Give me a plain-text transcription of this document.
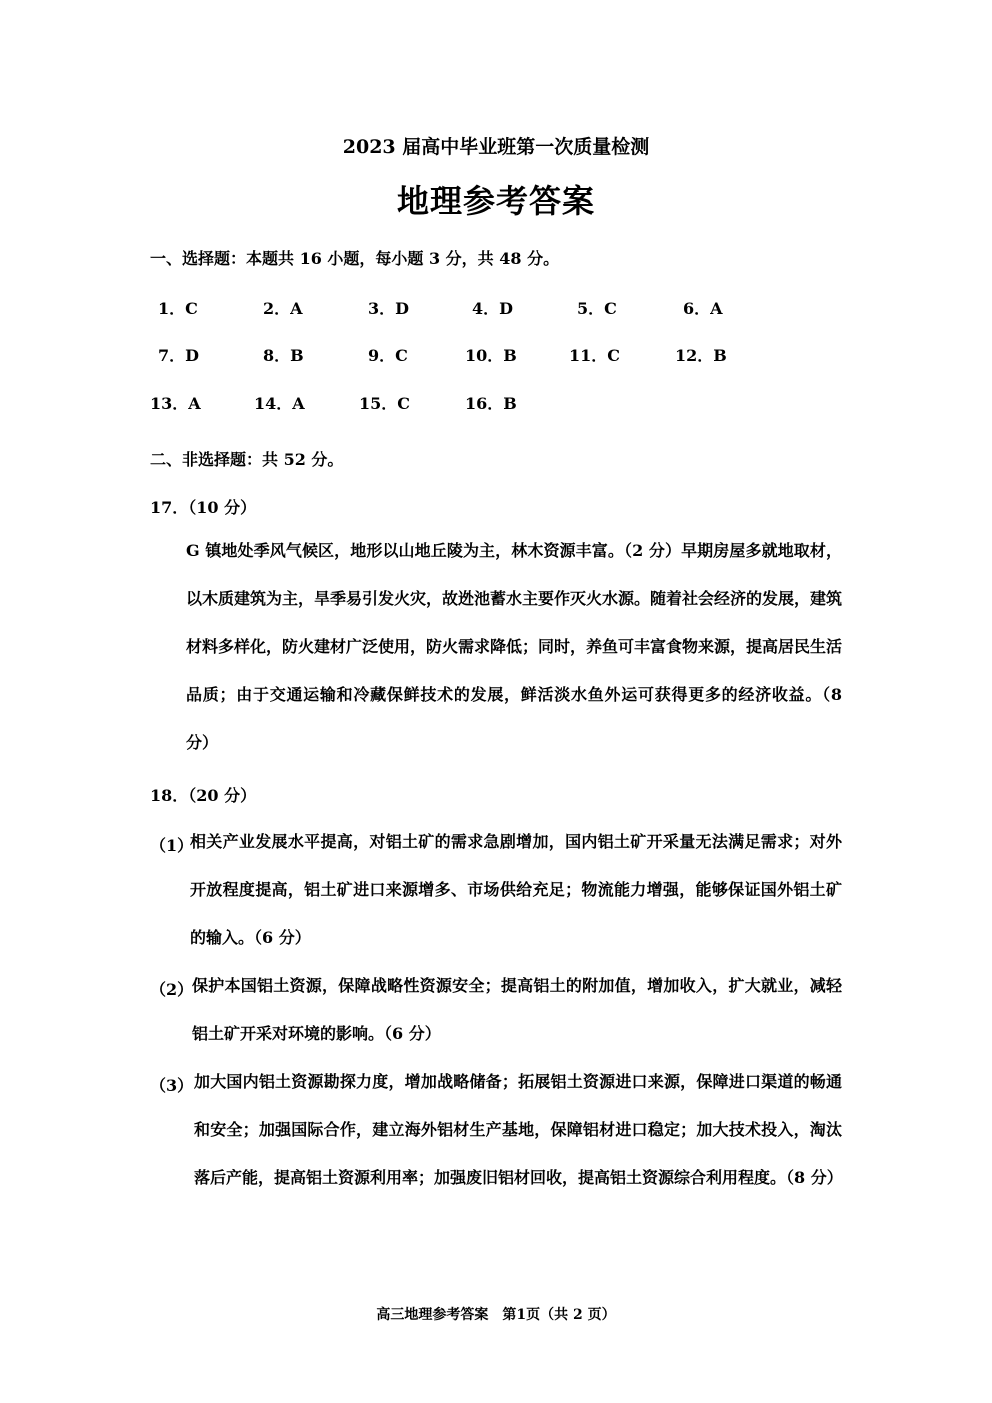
2023 届高中毕业班第一次质量检测
地理参考答案
一、选择题：本题共 16 小题，每小题 3 分，共 48 分。
1．C	2．A	3．D	4．D	5．C	6．A
7．D	8．B	9．C	10．B	11．C	12．B
13．A	14．A	15．C	16．B
二、非选择题：共 52 分。
17．（10 分）
G 镇地处季风气候区，地形以山地丘陵为主，林木资源丰富。（2 分）早期房屋多就地取材，以木质建筑为主，旱季易引发火灾，故迯池蓄水主要作灭火水源。随着社会经济的发展，建筑材料多样化，防火建材广泛使用，防火需求降低；同时，养鱼可丰富食物来源，提高居民生活品质；由于交通运输和冷藏保鲜技术的发展，鲜活淡水鱼外运可获得更多的经济收益。（8 分）
18．（20 分）
（1）
相关产业发展水平提高，对铝土矿的需求急剧增加，国内铝土矿开采量无法满足需求；对外开放程度提高，铝土矿进口来源增多、市场供给充足；物流能力增强，能够保证国外铝土矿的输入。（6 分）
（2）
保护本国铝土资源，保障战略性资源安全；提高铝土的附加值，增加收入，扩大就业，减轻铝土矿开采对环境的影响。（6 分）
（3） 加大国内铝土资源勘探力度，增加战略储备；拓展铝土资源进口来源，保障进口渠道的畅通和安全；加强国际合作，建立海外铝材生产基地，保障铝材进口稳定；加大技术投入，淘汰落后产能，提高铝土资源利用率；加强废旧铝材回收，提高铝土资源综合利用程度。（8 分）
高三地理参考答案　第1页（共 2 页）
